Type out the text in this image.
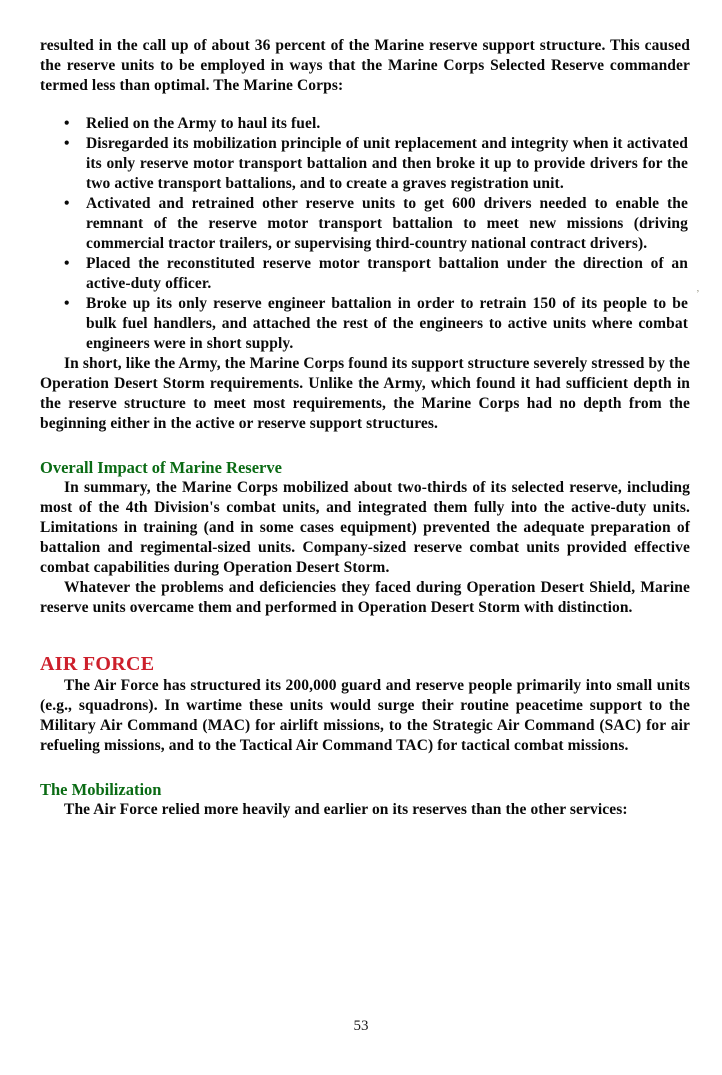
resulted in the call up of about 36 percent of the Marine reserve support structure. This caused the reserve units to be employed in ways that the Marine Corps Selected Reserve commander termed less than optimal. The Marine Corps:

•	Relied on the Army to haul its fuel.
•	Disregarded its mobilization principle of unit replacement and integrity when it activated its only reserve motor transport battalion and then broke it up to provide drivers for the two active transport battalions, and to create a graves registration unit.
•	Activated and retrained other reserve units to get 600 drivers needed to enable the remnant of the reserve motor transport battalion to meet new missions (driving commercial tractor trailers, or supervising third-country national contract drivers).
•	Placed the reconstituted reserve motor transport battalion under the direction of an active-duty officer.
•	Broke up its only reserve engineer battalion in order to retrain 150 of its people to be bulk fuel handlers, and attached the rest of the engineers to active units where combat engineers were in short supply.

In short, like the Army, the Marine Corps found its support structure severely stressed by the Operation Desert Storm requirements. Unlike the Army, which found it had sufficient depth in the reserve structure to meet most requirements, the Marine Corps had no depth from the beginning either in the active or reserve support structures.

Overall Impact of Marine Reserve

In summary, the Marine Corps mobilized about two-thirds of its selected reserve, including most of the 4th Division's combat units, and integrated them fully into the active-duty units. Limitations in training (and in some cases equipment) prevented the adequate preparation of battalion and regimental-sized units. Company-sized reserve combat units provided effective combat capabilities during Operation Desert Storm.

Whatever the problems and deficiencies they faced during Operation Desert Shield, Marine reserve units overcame them and performed in Operation Desert Storm with distinction.

AIR FORCE

The Air Force has structured its 200,000 guard and reserve people primarily into small units (e.g., squadrons). In wartime these units would surge their routine peacetime support to the Military Air Command (MAC) for airlift missions, to the Strategic Air Command (SAC) for air refueling missions, and to the Tactical Air Command TAC) for tactical combat missions.

The Mobilization

The Air Force relied more heavily and earlier on its reserves than the other services:

’
53
